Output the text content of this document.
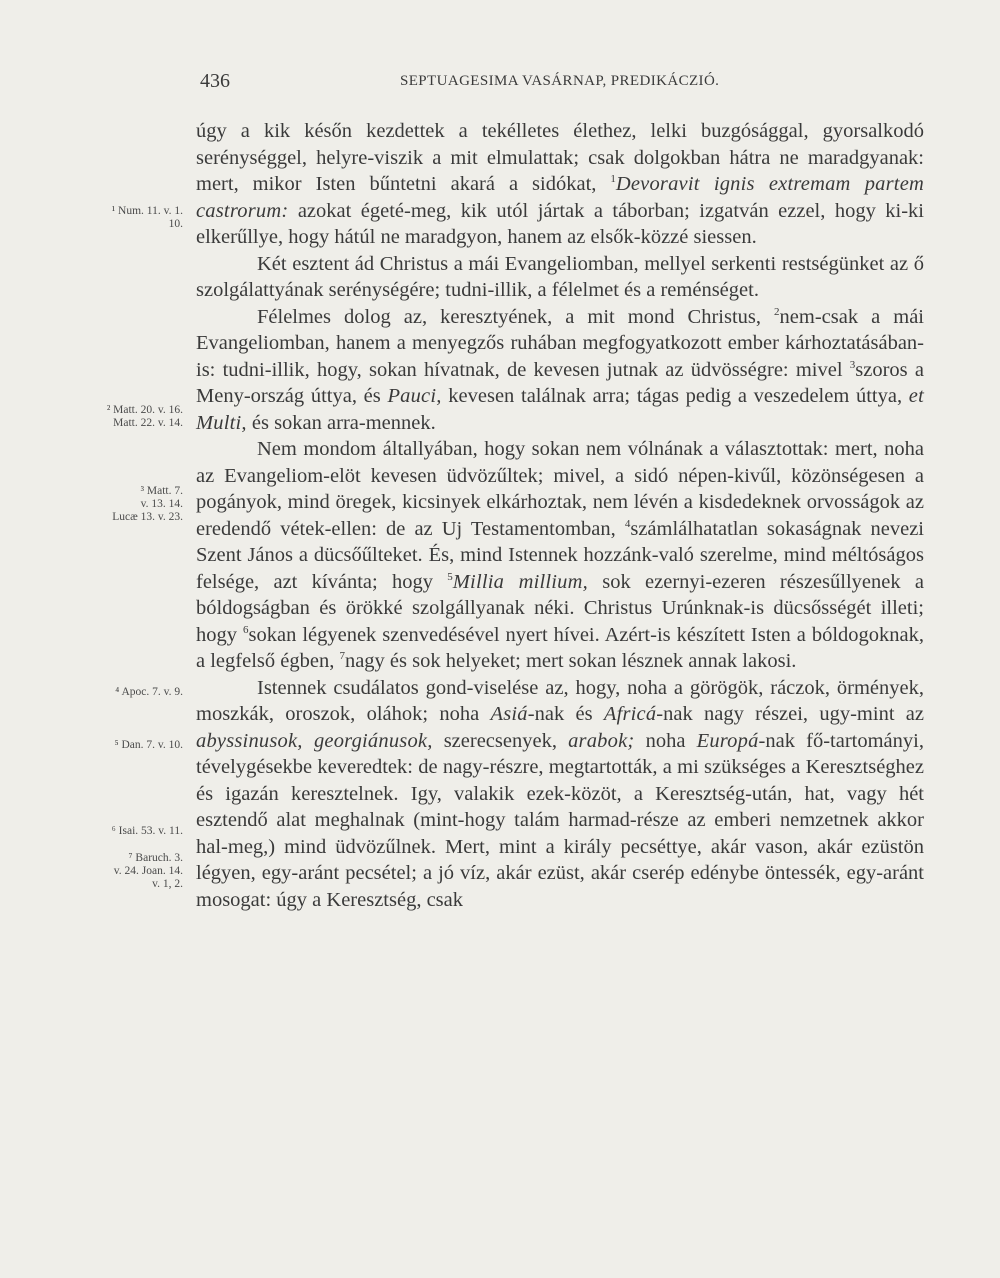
436	SEPTUAGESIMA VASÁRNAP, PREDIKÁCZIÓ.
¹ Num. 11. v. 1.
10.
² Matt. 20. v. 16.
Matt. 22. v. 14.
³ Matt. 7.
v. 13. 14.
Lucæ 13. v. 23.
⁴ Apoc. 7. v. 9.
⁵ Dan. 7. v. 10.
⁶ Isai. 53. v. 11.
⁷ Baruch. 3.
v. 24. Joan. 14.
v. 1, 2.

úgy a kik későn kezdettek a tekélletes élethez, lelki buzgósággal, gyorsalkodó serénységgel, helyre-viszik a mit elmulattak; csak dolgokban hátra ne maradgyanak: mert, mikor Isten bűntetni akará a sidókat, $^1$Devoravit ignis extremam partem castrorum: azokat égeté-meg, kik utól jártak a táborban; izgatván ezzel, hogy ki-ki elkerűllye, hogy hátúl ne maradgyon, hanem az elsők-közzé siessen.

Két esztent ád Christus a mái Evangeliomban, mellyel serkenti restségünket az ő szolgálattyának serénységére; tudni-illik, a félelmet és a reménséget.

Félelmes dolog az, keresztyének, a mit mond Christus, $^2$nem-csak a mái Evangeliomban, hanem a menyegzős ruhában megfogyatkozott ember kárhoztatásában-is: tudni-illik, hogy, sokan hívatnak, de kevesen jutnak az üdvösségre: mivel $^3$szoros a Meny-ország úttya, és Pauci, kevesen találnak arra; tágas pedig a veszedelem úttya, et Multi, és sokan arra-mennek.

Nem mondom általlyában, hogy sokan nem vólnának a választottak: mert, noha az Evangeliom-elöt kevesen üdvözűltek; mivel, a sidó népen-kivűl, közönségesen a pogányok, mind öregek, kicsinyek elkárhoztak, nem lévén a kisdedeknek orvosságok az eredendő vétek-ellen: de az Uj Testamentomban, $^4$számlálhatatlan sokaságnak nevezi Szent János a dücsőűlteket. És, mind Istennek hozzánk-való szerelme, mind méltóságos felsége, azt kívánta; hogy $^5$Millia millium, sok ezernyi-ezeren részesűllyenek a bóldogságban és örökké szolgállyanak néki. Christus Urúnknak-is dücsősségét illeti; hogy $^6$sokan légyenek szenvedésével nyert hívei. Azért-is készített Isten a bóldogoknak, a legfelső égben, $^7$nagy és sok helyeket; mert sokan lésznek annak lakosi.

Istennek csudálatos gond-viselése az, hogy, noha a görögök, ráczok, örmények, moszkák, oroszok, oláhok; noha Asiá-nak és Africá-nak nagy részei, ugy-mint az abyssinusok, georgiánusok, szerecsenyek, arabok; noha Europá-nak fő-tartományi, tévelygésekbe keveredtek: de nagy-részre, megtartották, a mi szükséges a Keresztséghez és igazán keresztelnek. Igy, valakik ezek-közöt, a Keresztség-után, hat, vagy hét esztendő alat meghalnak (mint-hogy talám harmad-része az emberi nemzetnek akkor hal-meg,) mind üdvözűlnek. Mert, mint a király pecséttye, akár vason, akár ezüstön légyen, egy-aránt pecsétel; a jó víz, akár ezüst, akár cserép edénybe öntessék, egy-aránt mosogat: úgy a Keresztség, csak
